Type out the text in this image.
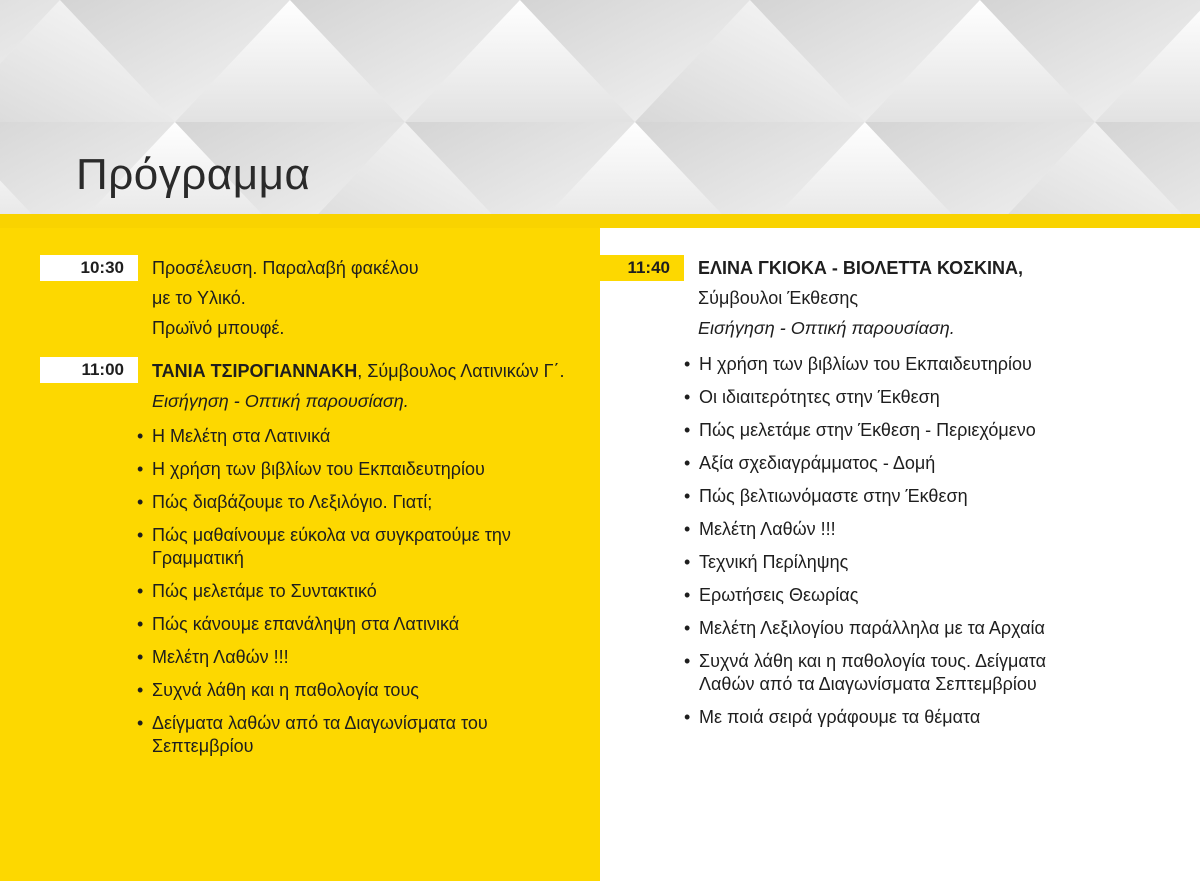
Πρόγραμμα
10:30	Προσέλευση. Παραλαβή φακέλου

με το Υλικό.

Πρωϊνό μπουφέ.

11:00	ΤΑΝΙΑ ΤΣΙΡΟΓΙΑΝΝΑΚΗ, Σύμβουλος Λατινικών Γ΄.

Εισήγηση - Οπτική παρουσίαση.

• Η Μελέτη στα Λατινικά
• Η χρήση των βιβλίων του Εκπαιδευτηρίου
• Πώς διαβάζουμε το Λεξιλόγιο. Γιατί;
• Πώς μαθαίνουμε εύκολα να συγκρατούμε την Γραμματική
• Πώς μελετάμε το Συντακτικό
• Πώς κάνουμε επανάληψη στα Λατινικά
• Μελέτη Λαθών !!!
• Συχνά λάθη και η παθολογία τους
• Δείγματα λαθών από τα Διαγωνίσματα του Σεπτεμβρίου
11:40	ΕΛΙΝΑ ΓΚΙΟΚΑ - ΒΙΟΛΕΤΤΑ ΚΟΣΚΙΝΑ,

Σύμβουλοι Έκθεσης

Εισήγηση - Οπτική παρουσίαση.

• Η χρήση των βιβλίων του Εκπαιδευτηρίου
• Οι ιδιαιτερότητες στην Έκθεση
• Πώς μελετάμε στην Έκθεση - Περιεχόμενο
• Αξία σχεδιαγράμματος - Δομή
• Πώς βελτιωνόμαστε στην Έκθεση
• Μελέτη Λαθών !!!
• Τεχνική Περίληψης
• Ερωτήσεις Θεωρίας
• Μελέτη Λεξιλογίου παράλληλα με τα Αρχαία
• Συχνά λάθη και η παθολογία τους. Δείγματα Λαθών από τα Διαγωνίσματα Σεπτεμβρίου
• Με ποιά σειρά γράφουμε τα θέματα
